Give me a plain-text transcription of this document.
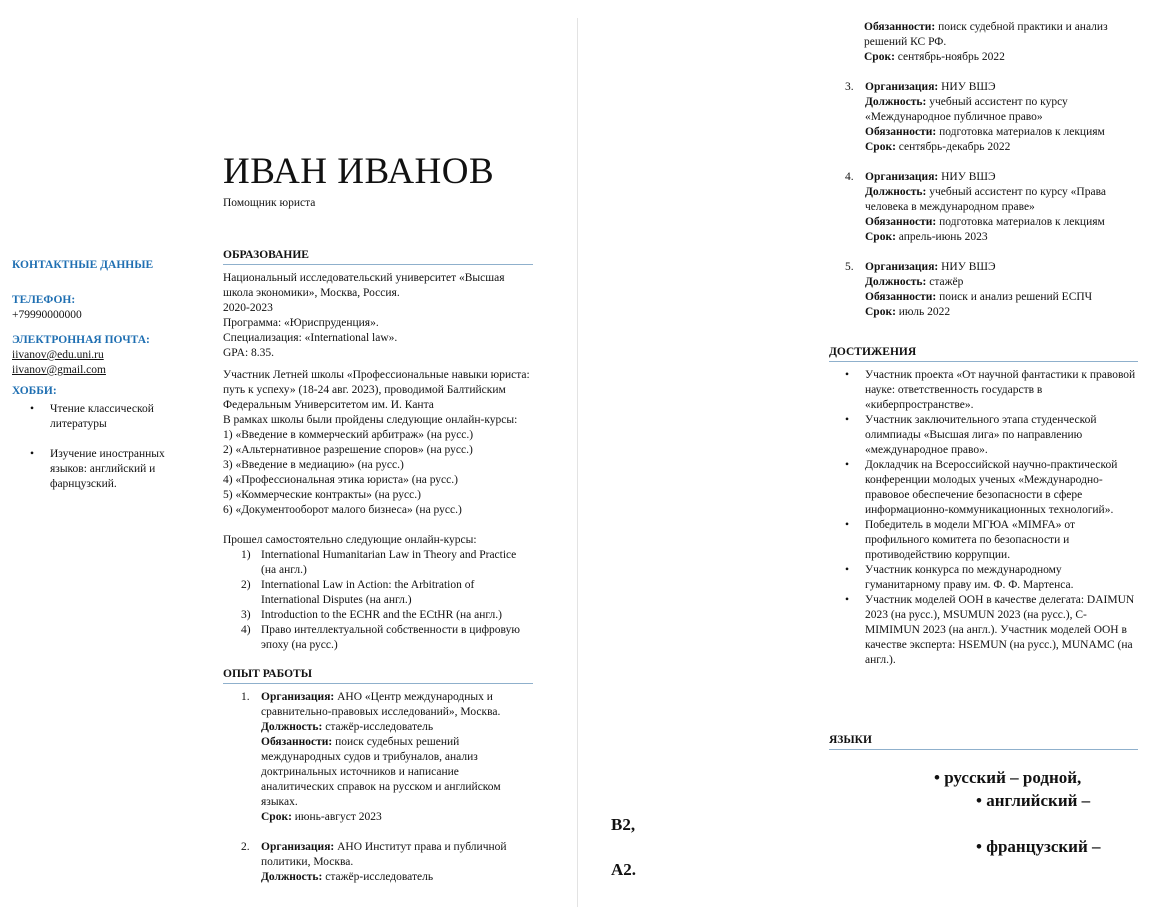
КОНТАКТНЫЕ ДАННЫЕ
ТЕЛЕФОН:
+79990000000
ЭЛЕКТРОННАЯ ПОЧТА:
iivanov@edu.uni.ru
iivanov@gmail.com
ХОББИ:
•	Чтение классической литературы
•	Изучение иностранных языков: английский и фарнцузский.
ИВАН ИВАНОВ
Помощник юриста
ОБРАЗОВАНИЕ

Национальный исследовательский университет «Высшая школа экономики», Москва, Россия.

2020-2023

Программа: «Юриспруденция».

Специализация: «International law».

GPA: 8.35.

Участник Летней школы «Профессиональные навыки юриста: путь к успеху» (18-24 авг. 2023), проводимой Балтийским Федеральным Университетом им. И. Канта

В рамках школы были пройдены следующие онлайн-курсы:

1) «Введение в коммерческий арбитраж» (на русс.)

2) «Альтернативное разрешение споров» (на русс.)

3) «Введение в медиацию» (на русс.)

4) «Профессиональная этика юриста» (на русс.)

5) «Коммерческие контракты» (на русс.)

6) «Документооборот малого бизнеса» (на русс.)

Прошел самостоятельно следующие онлайн-курсы:

1) International Humanitarian Law in Theory and Practice (на англ.)
2) International Law in Action: the Arbitration of International Disputes (на англ.)
3) Introduction to the ECHR and the ECtHR (на англ.)
4) Право интеллектуальной собственности в цифровую эпоху (на русс.)
ОПЫТ РАБОТЫ
1. Организация: АНО «Центр международных и сравнительно-правовых исследований», Москва.

Должность: стажёр-исследователь

Обязанности: поиск судебных решений международных судов и трибуналов, анализ доктринальных источников и написание аналитических справок на русском и английском языках.

Срок: июнь-август 2023

2. Организация: АНО Институт права и публичной политики, Москва.

Должность: стажёр-исследователь

Обязанности: поиск судебной практики и анализ решений КС РФ.

Срок: сентябрь-ноябрь 2022

3. Организация: НИУ ВШЭ

Должность: учебный ассистент по курсу «Международное публичное право»

Обязанности: подготовка материалов к лекциям

Срок: сентябрь-декабрь 2022

4. Организация: НИУ ВШЭ

Должность: учебный ассистент по курсу «Права человека в международном праве»

Обязанности: подготовка материалов к лекциям

Срок: апрель-июнь 2023

5. Организация: НИУ ВШЭ

Должность: стажёр

Обязанности: поиск и анализ решений ЕСПЧ

Срок: июль 2022

ДОСТИЖЕНИЯ
•	Участник проекта «От научной фантастики к правовой науке: ответственность государств в «киберпространстве».
•	Участник заключительного этапа студенческой олимпиады «Высшая лига» по направлению «международное право».
•	Докладчик на Всероссийской научно-практической конференции молодых ученых «Международно-правовое обеспечение безопасности в сфере информационно-коммуникационных технологий».
•	Победитель в модели МГЮА «MIMFA» от профильного комитета по безопасности и противодействию коррупции.
•	Участник конкурса по международному гуманитарному праву им. Ф. Ф. Мартенса.
•	Участник моделей ООН в качестве делегата: DAIMUN 2023 (на русс.), MSUMUN 2023 (на русс.), C-MIMIMUN 2023 (на англ.). Участник моделей ООН в качестве эксперта: HSEMUN (на русс.), MUNAMC (на англ.).
ЯЗЫКИ
• русский – родной,
• английский –
B2,
• французский –
A2.
